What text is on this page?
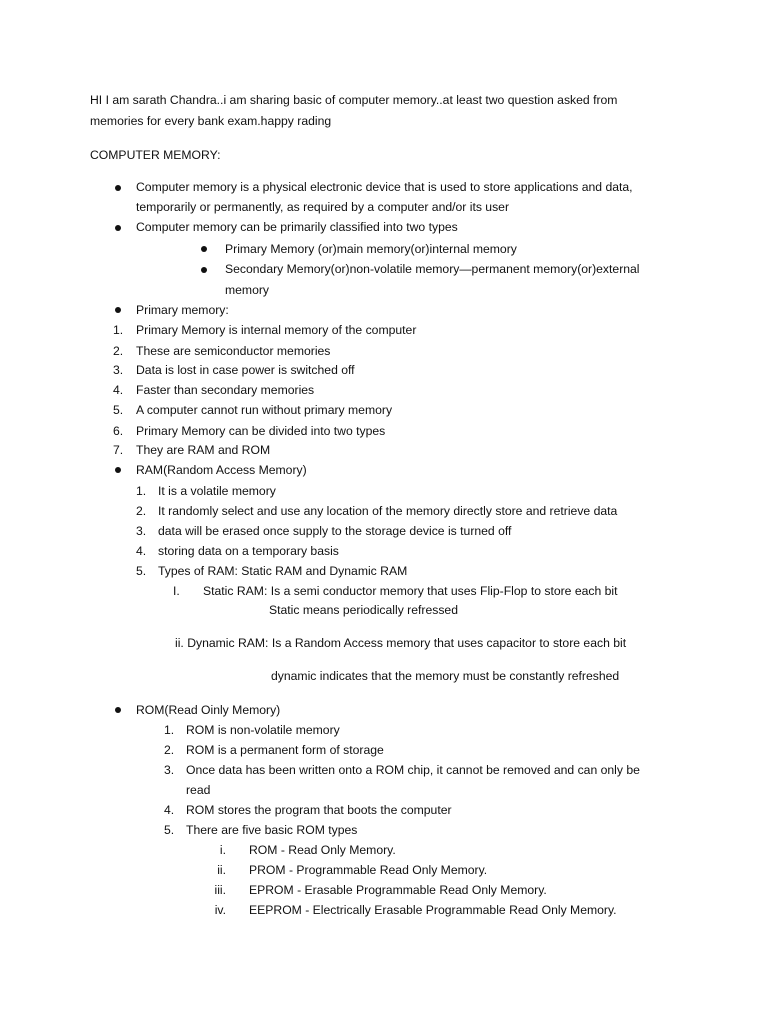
HI I am sarath Chandra..i am sharing basic of computer memory..at least two question asked from
memories for every bank exam.happy rading
COMPUTER MEMORY:
Computer memory is a physical electronic device that is used to store applications and data,
temporarily or permanently, as required by a computer and/or its user
Computer memory can be primarily classified into two types
Primary Memory (or)main memory(or)internal memory
Secondary Memory(or)non-volatile memory—permanent memory(or)external
memory
Primary memory:
1. Primary Memory is internal memory of the computer
2. These are semiconductor memories
3. Data is lost in case power is switched off
4. Faster than secondary memories
5. A computer cannot run without primary memory
6. Primary Memory can be divided into two types
7. They are RAM and ROM
RAM(Random Access Memory)
1. It is a volatile memory
2. It randomly select and use any location of the memory directly store and retrieve data
3. data will be erased once supply to the storage device is turned off
4. storing data on a temporary basis
5. Types of RAM: Static RAM and Dynamic RAM
I. Static RAM: Is a semi conductor memory that uses Flip-Flop to store each bit
Static means periodically refressed
ii. Dynamic RAM: Is a Random Access memory that uses capacitor to store each bit
dynamic indicates that the memory must be constantly refreshed
ROM(Read Oinly Memory)
1. ROM is non-volatile memory
2. ROM is a permanent form of storage
3. Once data has been written onto a ROM chip, it cannot be removed and can only be
read
4. ROM stores the program that boots the computer
5. There are five basic ROM types
i. ROM - Read Only Memory.
ii. PROM - Programmable Read Only Memory.
iii. EPROM - Erasable Programmable Read Only Memory.
iv. EEPROM - Electrically Erasable Programmable Read Only Memory.
